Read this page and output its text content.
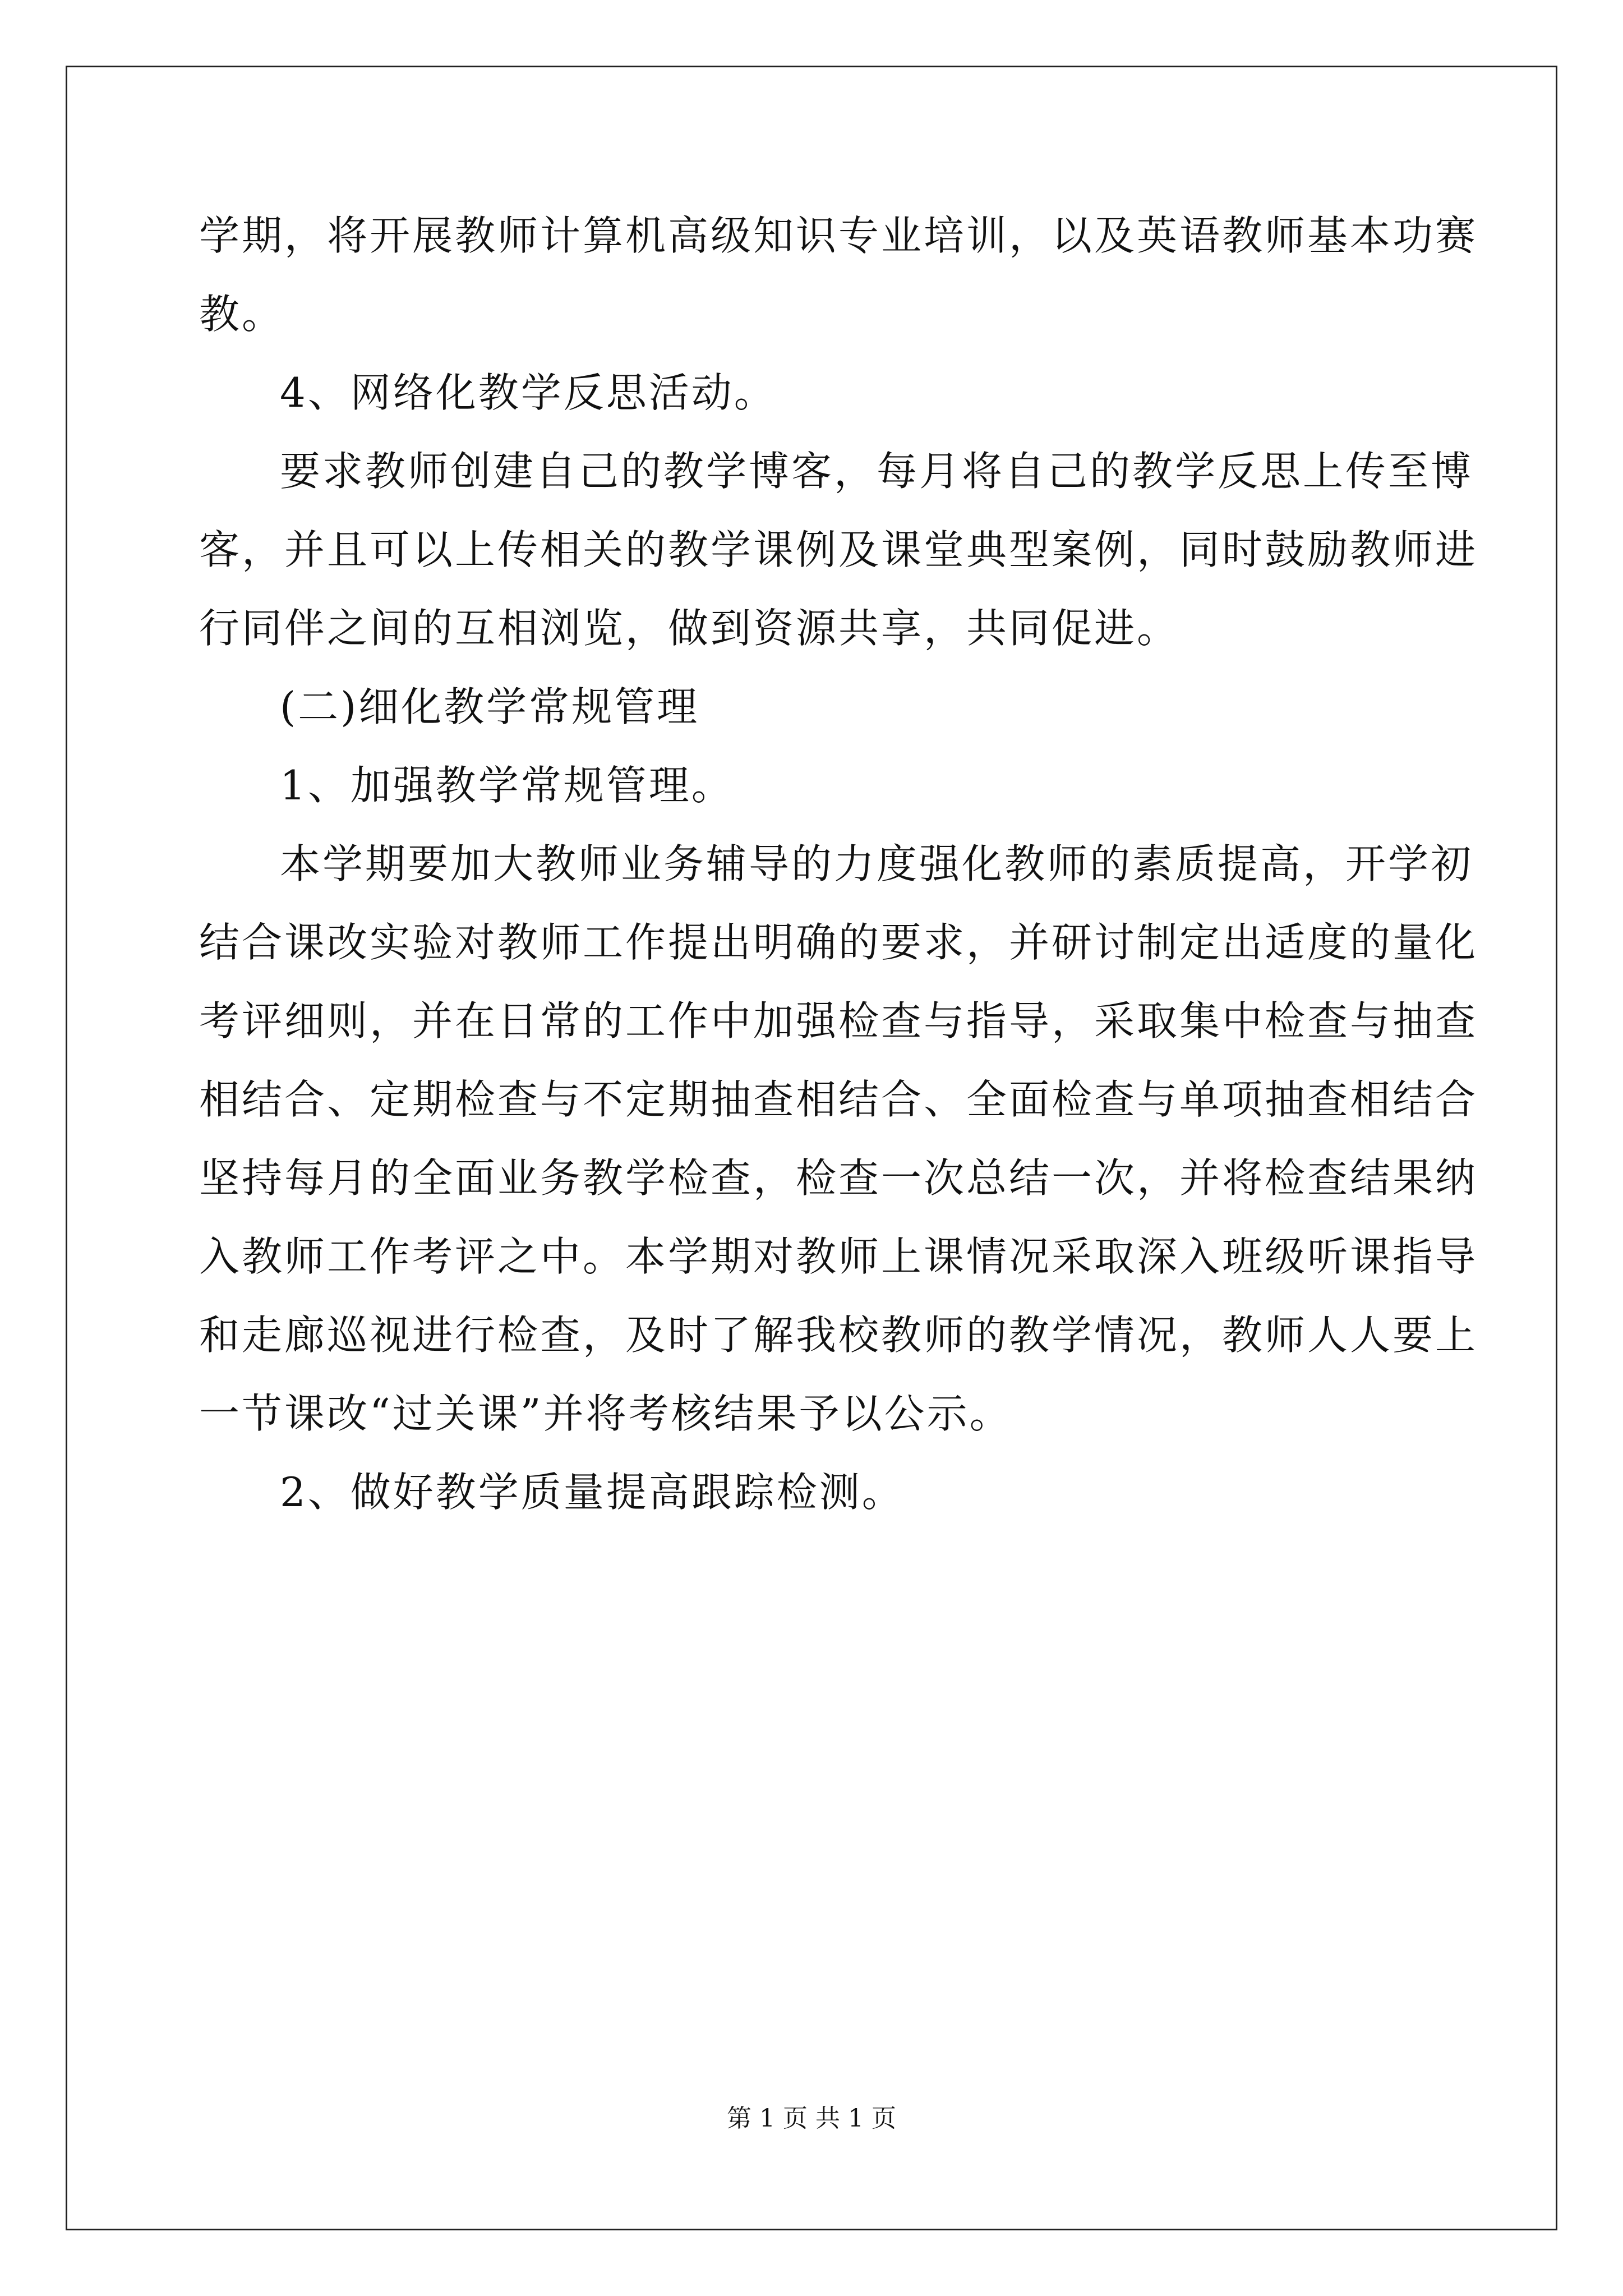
学期，将开展教师计算机高级知识专业培训，以及英语教师基本功赛

教。

4、网络化教学反思活动。

要求教师创建自己的教学博客，每月将自己的教学反思上传至博

客，并且可以上传相关的教学课例及课堂典型案例，同时鼓励教师进

行同伴之间的互相浏览，做到资源共享，共同促进。

(二)细化教学常规管理

1、加强教学常规管理。

本学期要加大教师业务辅导的力度强化教师的素质提高，开学初

结合课改实验对教师工作提出明确的要求，并研讨制定出适度的量化

考评细则，并在日常的工作中加强检查与指导，采取集中检查与抽查

相结合、定期检查与不定期抽查相结合、全面检查与单项抽查相结合

坚持每月的全面业务教学检查，检查一次总结一次，并将检查结果纳

入教师工作考评之中。本学期对教师上课情况采取深入班级听课指导

和走廊巡视进行检查，及时了解我校教师的教学情况，教师人人要上

一节课改“过关课”并将考核结果予以公示。

2、做好教学质量提高跟踪检测。

第 1 页 共 1 页
